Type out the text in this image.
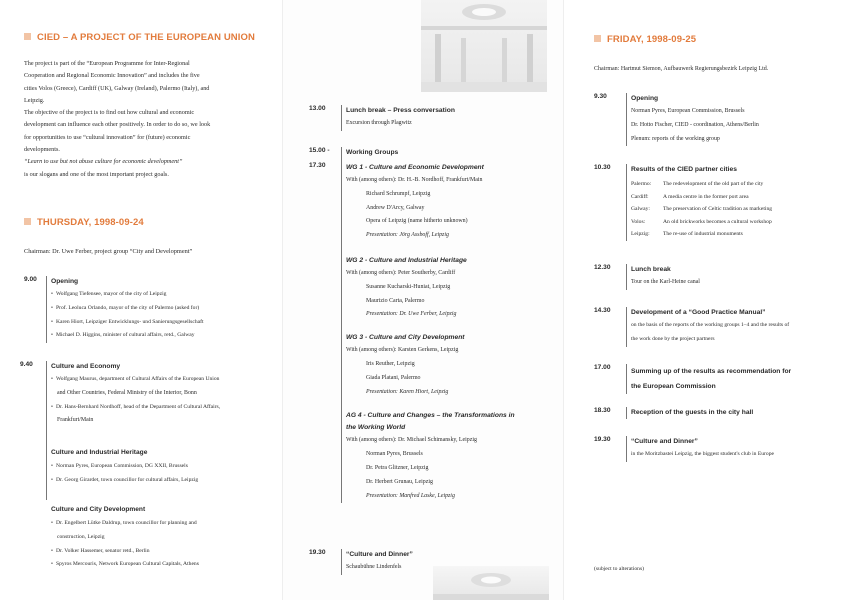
CIED – A PROJECT OF THE EUROPEAN UNION

The project is part of the “European Programme for Inter-Regional

Cooperation and Regional Economic Innovation” and includes the five

cities Volos (Greece), Cardiff (UK), Galway (Ireland), Palermo (Italy), and

Leipzig.

The objective of the project is to find out how cultural and economic

development can influence each other positively. In order to do so, we look

for opportunities to use “cultural innovation” for (future) economic

developments.

“Learn to use but not abuse culture for economic development”

is our slogans and one of the most important project goals.

THURSDAY, 1998-09-24
Chairman: Dr. Uwe Ferber, project group “City and Development”
9.00 Opening
• Wolfgang Tiefensee, mayor of the city of Leipzig
• Prof. Leoluca Orlando, mayor of the city of Palermo (asked for)
• Karen Hiort, Leipziger Entwicklungs- und Sanierungsgesellschaft
• Michael D. Higgins, minister of cultural affairs, retd., Galway
9.40	Culture and Economy
• Wolfgang Maurus, department of Cultural Affairs of the European Union
and Other Countries, Federal Ministry of the Interior, Bonn
• Dr. Hans-Bernhard Nordhoff, head of the Department of Cultural Affairs,
Frankfurt/Main
Culture and Industrial Heritage
• Norman Pyres, European Commission, DG XXII, Brussels
• Dr. Georg Girardet, town councillor for cultural affairs, Leipzig
Culture and City Development
• Dr. Engelbert Lütke Daldrup, town councillor for planning and
construction, Leipzig
• Dr. Volker Hassemer, senator retd., Berlin
• Spyros Mercouris, Network European Cultural Capitals, Athens
13.00	Lunch break – Press conversation
Excursion through Plagwitz
15.00 -
17.30
Working Groups
WG 1 - Culture and Economic Development
With (among others): Dr. H.-B. Nordhoff, Frankfurt/Main
Richard Schrumpf, Leipzig
Andrew D'Arcy, Galway
Opera of Leipzig (name hitherto unknown)
Presentation: Jörg Assboff, Leipzig
WG 2 - Culture and Industrial Heritage
With (among others): Peter Southerby, Cardiff
Susanne Kucharski-Huniat, Leipzig
Maurizio Carta, Palermo
Presentation: Dr. Uwe Ferber, Leipzig
WG 3 - Culture and City Development
With (among others): Karsten Gerkens, Leipzig
Iris Reuther, Leipzig
Giada Platani, Palermo
Presentation: Karen Hiort, Leipzig
AG 4 - Culture and Changes – the Transformations in
the Working World
With (among others): Dr. Michael Schimansky, Leipzig
Norman Pyres, Brussels
Dr. Petra Glitzner, Leipzig
Dr. Herbert Grunau, Leipzig
Presentation: Manfred Laske, Leipzig
19.30	“Culture and Dinner”
Schaubühne Lindenfels
FRIDAY, 1998-09-25
Chairman: Hartmut Siemon, Aufbauwerk Regierungsbezirk Leipzig Ltd.
9.30	Opening
Norman Pyres, European Commission, Brussels
Dr. Hotto Fischer, CIED - coordination, Athens/Berlin
Plenum: reports of the working group
10.30	Results of the CIED partner cities
Palermo:	The redevelopment of the old part of the city
Cardiff:	A media centre in the former port area
Galway:	The preservation of Celtic tradition as marketing
Volos:	An old brickworks becomes a cultural workshop
Leipzig:	The re-use of industrial monuments
12.30	Lunch break
Tour on the Karl-Heine canal
14.30	Development of a “Good Practice Manual”
on the basis of the reports of the working groups 1–4 and the results of
the work done by the project partners
17.00
Summing up of the results as recommendation for
the European Commission
18.30	Reception of the guests in the city hall
19.30	“Culture and Dinner”
in the Moritzbastei Leipzig, the biggest student's club in Europe
(subject to alterations)
